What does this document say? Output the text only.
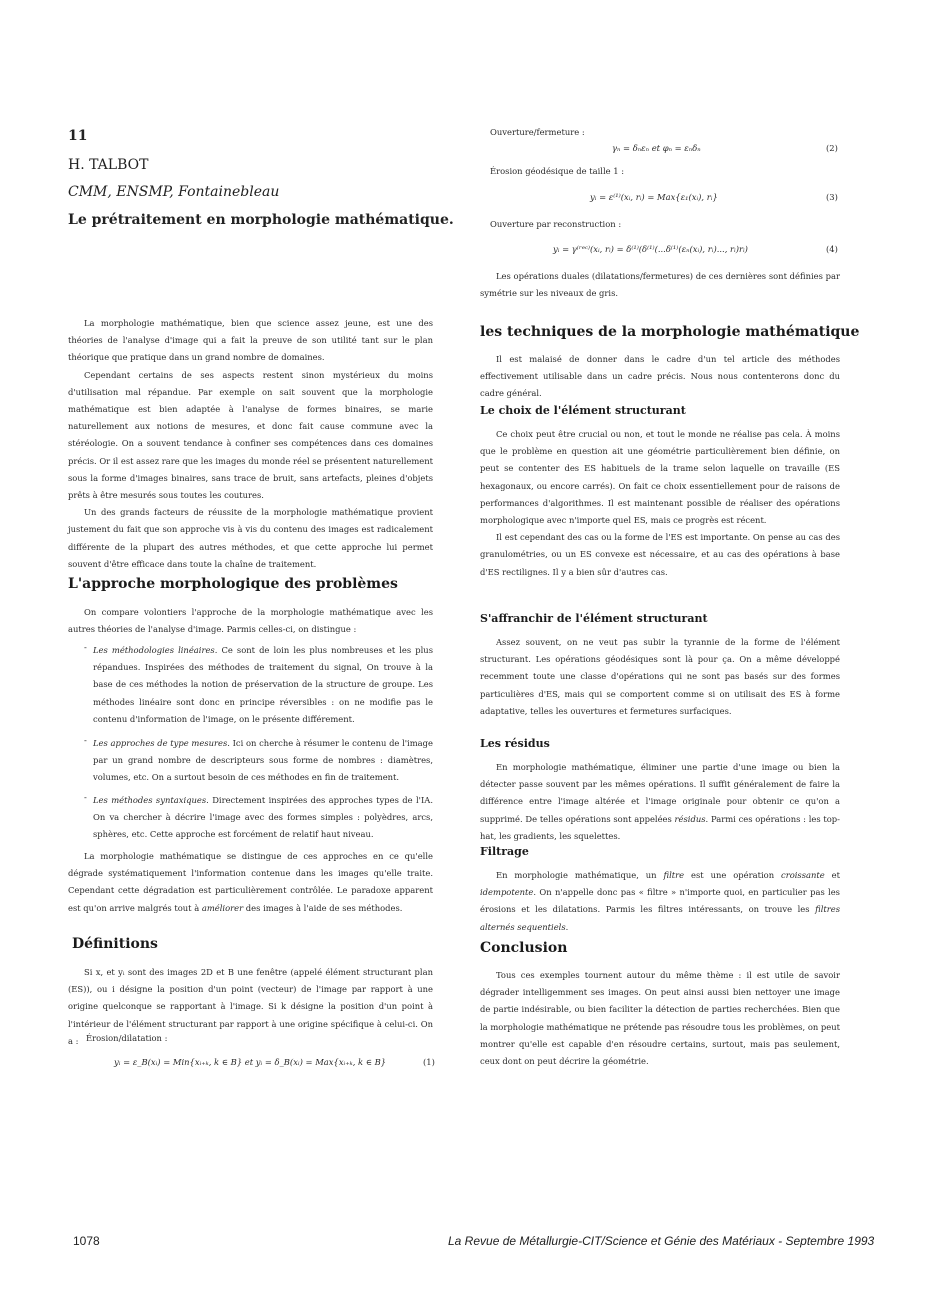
11
H. TALBOT
CMM, ENSMP, Fontainebleau
Le prétraitement en morphologie mathématique.

La morphologie mathématique, bien que science assez jeune, est une des théories de l'analyse d'image qui a fait la preuve de son utilité tant sur le plan théorique que pratique dans un grand nombre de domaines.

Cependant certains de ses aspects restent sinon mystérieux du moins d'utilisation mal répandue. Par exemple on sait souvent que la morphologie mathématique est bien adaptée à l'analyse de formes binaires, se marie naturellement aux notions de mesures, et donc fait cause commune avec la stéréologie. On a souvent tendance à confiner ses compétences dans ces domaines précis. Or il est assez rare que les images du monde réel se présentent naturellement sous la forme d'images binaires, sans trace de bruit, sans artefacts, pleines d'objets prêts à être mesurés sous toutes les coutures.

Un des grands facteurs de réussite de la morphologie mathématique provient justement du fait que son approche vis à vis du contenu des images est radicalement différente de la plupart des autres méthodes, et que cette approche lui permet souvent d'être efficace dans toute la chaîne de traitement.

L'approche morphologique des problèmes

On compare volontiers l'approche de la morphologie mathématique avec les autres théories de l'analyse d'image. Parmis celles-ci, on distingue :

- Les méthodologies linéaires. Ce sont de loin les plus nombreuses et les plus répandues. Inspirées des méthodes de traitement du signal, On trouve à la base de ces méthodes la notion de préservation de la structure de groupe. Les méthodes linéaire sont donc en principe réversibles : on ne modifie pas le contenu d'information de l'image, on le présente différement.

- Les approches de type mesures. Ici on cherche à résumer le contenu de l'image par un grand nombre de descripteurs sous forme de nombres : diamètres, volumes, etc. On a surtout besoin de ces méthodes en fin de traitement.

- Les méthodes syntaxiques. Directement inspirées des approches types de l'IA. On va chercher à décrire l'image avec des formes simples : polyèdres, arcs, sphères, etc. Cette approche est forcément de relatif haut niveau.

La morphologie mathématique se distingue de ces approches en ce qu'elle dégrade systématiquement l'information contenue dans les images qu'elle traite. Cependant cette dégradation est particulièrement contrôlée. Le paradoxe apparent est qu'on arrive malgrés tout à améliorer des images à l'aide de ses méthodes.

Définitions

Si x, et yᵢ sont des images 2D et B une fenêtre (appelé élément structurant plan (ES)), ou i désigne la position d'un point (vecteur) de l'image par rapport à une origine quelconque se rapportant à l'image. Si k désigne la position d'un point à l'intérieur de l'élément structurant par rapport à une origine spécifique à celui-ci. On a : Érosion/dilatation :
yᵢ = ε_B(xᵢ) = Min{xᵢ₊ₖ, k ∈ B} et yᵢ = δ_B(xᵢ) = Max{xᵢ₊ₖ, k ∈ B}	(1)
Ouverture/fermeture :
γₙ = δₙεₙ et φₙ = εₙδₙ	(2)
Érosion géodésique de taille 1 :
yᵢ = ε⁽¹⁾(xᵢ, rᵢ) = Max{ε₁(xᵢ), rᵢ}	(3)
Ouverture par reconstruction :
yᵢ = γ⁽ʳᵉᶜ⁾(xᵢ, rᵢ) = δ⁽¹⁾(δ⁽¹⁾(...δ⁽¹⁾(εₙ(xᵢ), rᵢ)..., rᵢ)rᵢ)	(4)

Les opérations duales (dilatations/fermetures) de ces dernières sont définies par symétrie sur les niveaux de gris.

les techniques de la morphologie mathématique

Il est malaisé de donner dans le cadre d'un tel article des méthodes effectivement utilisable dans un cadre précis. Nous nous contenterons donc du cadre général.

Le choix de l'élément structurant

Ce choix peut être crucial ou non, et tout le monde ne réalise pas cela. À moins que le problème en question ait une géométrie particulièrement bien définie, on peut se contenter des ES habituels de la trame selon laquelle on travaille (ES hexagonaux, ou encore carrés). On fait ce choix essentiellement pour de raisons de performances d'algorithmes. Il est maintenant possible de réaliser des opérations morphologique avec n'importe quel ES, mais ce progrès est récent.

Il est cependant des cas ou la forme de l'ES est importante. On pense au cas des granulométries, ou un ES convexe est nécessaire, et au cas des opérations à base d'ES rectilignes. Il y a bien sûr d'autres cas.

S'affranchir de l'élément structurant

Assez souvent, on ne veut pas subir la tyrannie de la forme de l'élément structurant. Les opérations géodésiques sont là pour ça. On a même développé recemment toute une classe d'opérations qui ne sont pas basés sur des formes particulières d'ES, mais qui se comportent comme si on utilisait des ES à forme adaptative, telles les ouvertures et fermetures surfaciques.

Les résidus

En morphologie mathématique, éliminer une partie d'une image ou bien la détecter passe souvent par les mêmes opérations. Il suffit généralement de faire la différence entre l'image altérée et l'image originale pour obtenir ce qu'on a supprimé. De telles opérations sont appelées résidus. Parmi ces opérations : les top-hat, les gradients, les squelettes.

Filtrage

En morphologie mathématique, un filtre est une opération croissante et idempotente. On n'appelle donc pas « filtre » n'importe quoi, en particulier pas les érosions et les dilatations. Parmis les filtres intéressants, on trouve les filtres alternés sequentiels.

Conclusion

Tous ces exemples tournent autour du même thème : il est utile de savoir dégrader intelligemment ses images. On peut ainsi aussi bien nettoyer une image de partie indésirable, ou bien faciliter la détection de parties recherchées. Bien que la morphologie mathématique ne prétende pas résoudre tous les problèmes, on peut montrer qu'elle est capable d'en résoudre certains, surtout, mais pas seulement, ceux dont on peut décrire la géométrie.

1078	La Revue de Métallurgie-CIT/Science et Génie des Matériaux - Septembre 1993
